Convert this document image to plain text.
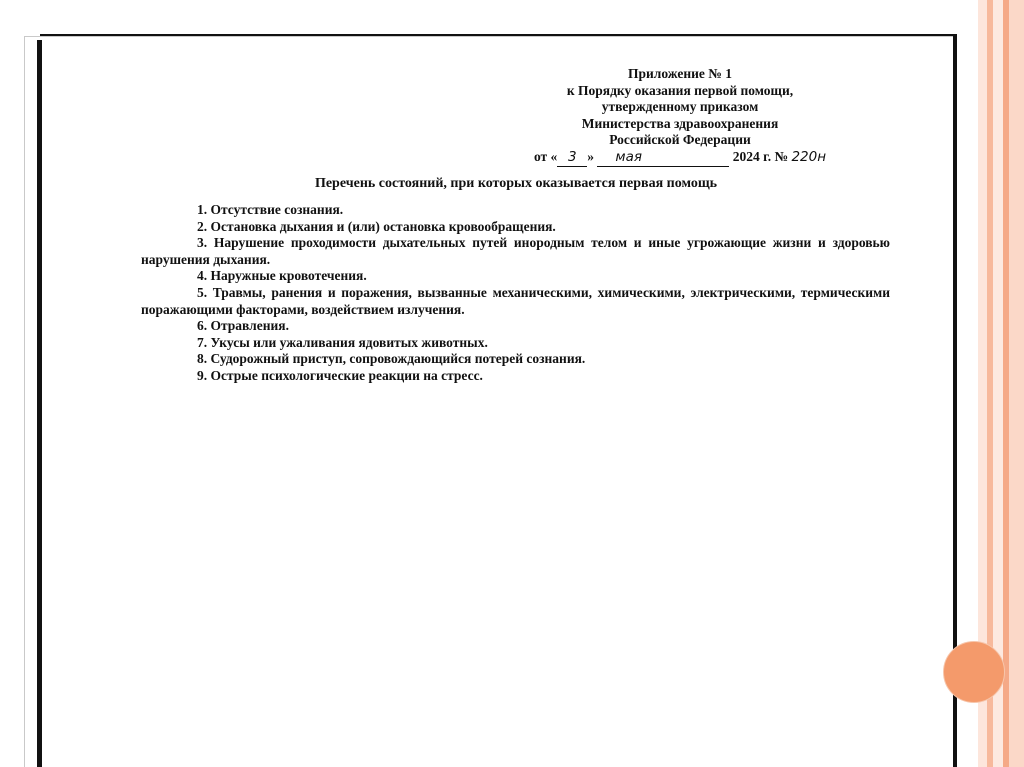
Приложение № 1
к Порядку оказания первой помощи,
утвержденному приказом
Министерства здравоохранения
Российской Федерации
от « 3 » мая	2024 г. № 220н
Перечень состояний, при которых оказывается первая помощь
1. Отсутствие сознания.
2. Остановка дыхания и (или) остановка кровообращения.
3. Нарушение проходимости дыхательных путей инородным телом и иные угрожающие жизни и здоровью нарушения дыхания.
4. Наружные кровотечения.
5. Травмы, ранения и поражения, вызванные механическими, химическими, электрическими, термическими поражающими факторами, воздействием излучения.
6. Отравления.
7. Укусы или ужаливания ядовитых животных.
8. Судорожный приступ, сопровождающийся потерей сознания.
9. Острые психологические реакции на стресс.
